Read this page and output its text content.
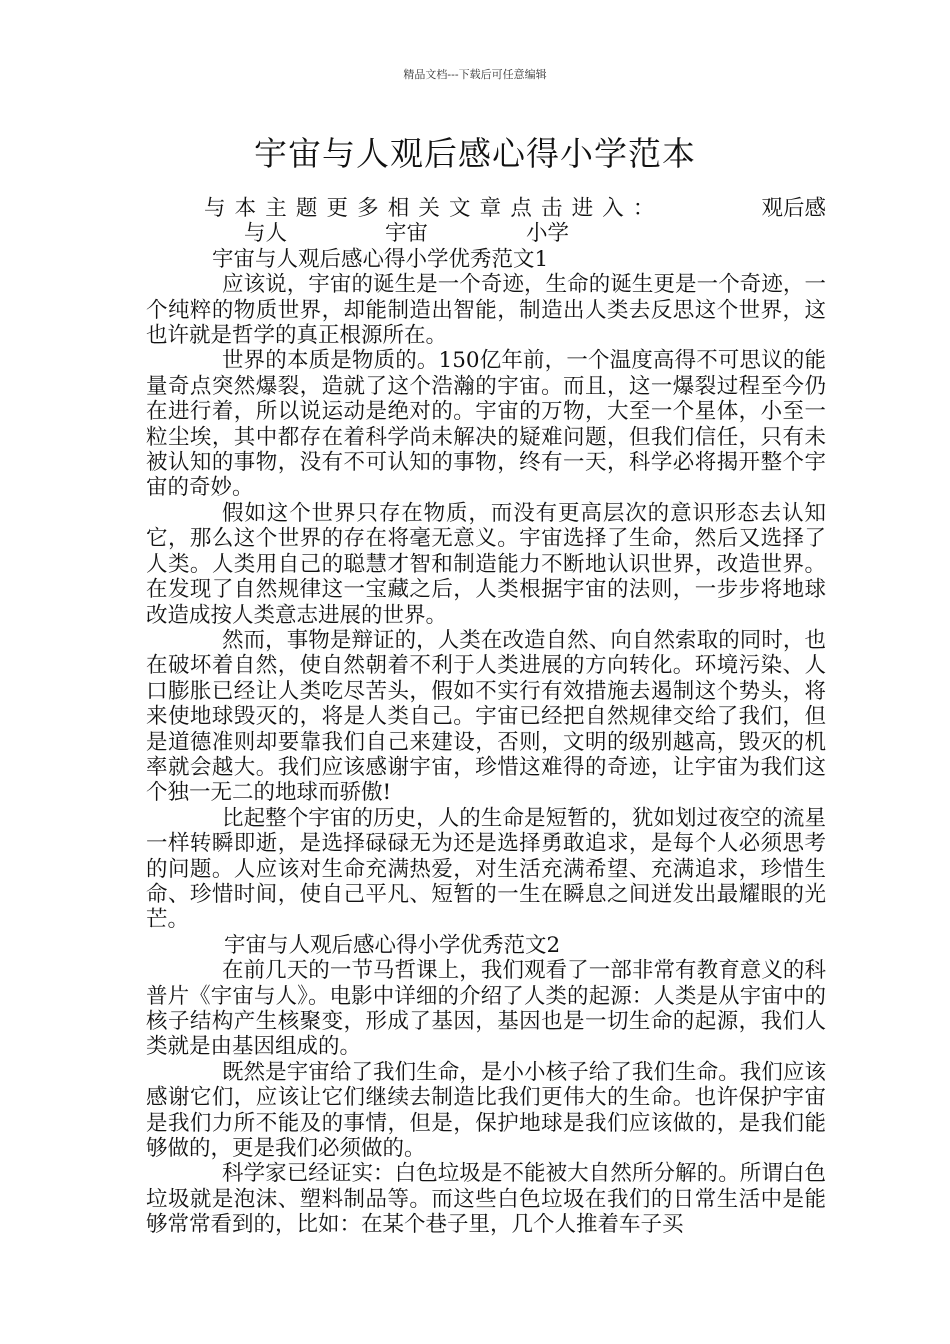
精品文档---下载后可任意编辑
宇宙与人观后感心得小学范本

与本主题更多相关文章点击进入：	观后感与人	宇宙	小学

宇宙与人观后感心得小学优秀范文1

应该说，宇宙的诞生是一个奇迹，生命的诞生更是一个奇迹，一个纯粹的物质世界，却能制造出智能，制造出人类去反思这个世界，这也许就是哲学的真正根源所在。

世界的本质是物质的。150亿年前，一个温度高得不可思议的能量奇点突然爆裂，造就了这个浩瀚的宇宙。而且，这一爆裂过程至今仍在进行着，所以说运动是绝对的。宇宙的万物，大至一个星体，小至一粒尘埃，其中都存在着科学尚未解决的疑难问题，但我们信任，只有未被认知的事物，没有不可认知的事物，终有一天，科学必将揭开整个宇宙的奇妙。

假如这个世界只存在物质，而没有更高层次的意识形态去认知它，那么这个世界的存在将毫无意义。宇宙选择了生命，然后又选择了人类。人类用自己的聪慧才智和制造能力不断地认识世界，改造世界。在发现了自然规律这一宝藏之后，人类根据宇宙的法则，一步步将地球改造成按人类意志进展的世界。

然而，事物是辩证的，人类在改造自然、向自然索取的同时，也在破坏着自然，使自然朝着不利于人类进展的方向转化。环境污染、人口膨胀已经让人类吃尽苦头，假如不实行有效措施去遏制这个势头，将来使地球毁灭的，将是人类自己。宇宙已经把自然规律交给了我们，但是道德准则却要靠我们自己来建设，否则，文明的级别越高，毁灭的机率就会越大。我们应该感谢宇宙，珍惜这难得的奇迹，让宇宙为我们这个独一无二的地球而骄傲!

比起整个宇宙的历史，人的生命是短暂的，犹如划过夜空的流星一样转瞬即逝，是选择碌碌无为还是选择勇敢追求，是每个人必须思考的问题。人应该对生命充满热爱，对生活充满希望、充满追求，珍惜生命、珍惜时间，使自己平凡、短暂的一生在瞬息之间迸发出最耀眼的光芒。

宇宙与人观后感心得小学优秀范文2

在前几天的一节马哲课上，我们观看了一部非常有教育意义的科普片《宇宙与人》。电影中详细的介绍了人类的起源：人类是从宇宙中的核子结构产生核聚变，形成了基因，基因也是一切生命的起源，我们人类就是由基因组成的。

既然是宇宙给了我们生命，是小小核子给了我们生命。我们应该感谢它们，应该让它们继续去制造比我们更伟大的生命。也许保护宇宙是我们力所不能及的事情，但是，保护地球是我们应该做的，是我们能够做的，更是我们必须做的。

科学家已经证实：白色垃圾是不能被大自然所分解的。所谓白色垃圾就是泡沫、塑料制品等。而这些白色垃圾在我们的日常生活中是能够常常看到的，比如：在某个巷子里，几个人推着车子买
